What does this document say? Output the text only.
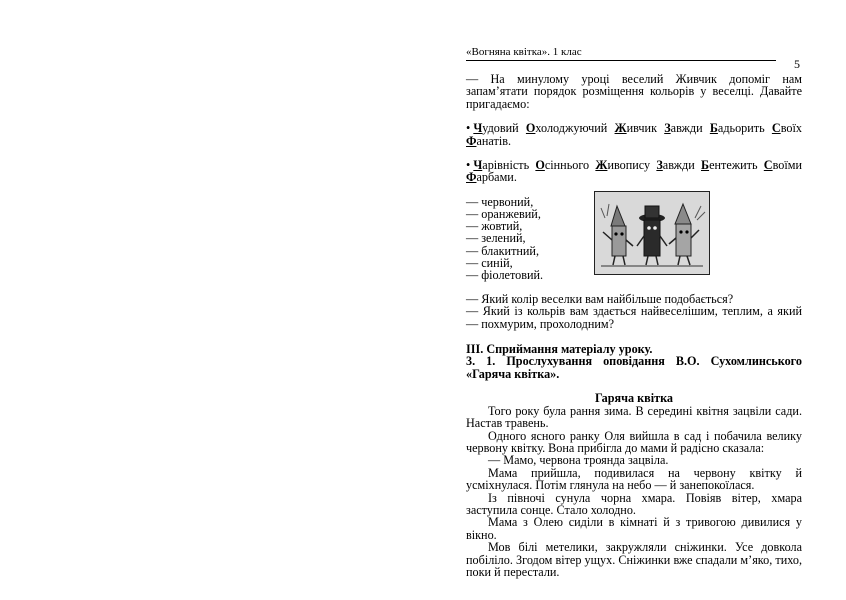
«Вогняна квітка». 1 клас
5

— На минулому уроці веселий Живчик допоміг нам запам’ятати порядок розміщення кольорів у веселці. Давайте пригадаємо:

• Чудовий Охолоджуючий Живчик Завжди Бадьорить Своїх
Фанатів.
• Чарівність Осіннього Живопису Завжди Бентежить Своїми
Фарбами.
— червоний,
— оранжевий,
— жовтий,
— зелений,
— блакитний,
— синій,
— фіолетовий.

— Який колір веселки вам найбільше подобається?

— Який із кольрів вам здається найвеселішим, теплим, а який — похмурим, прохолодним?

ІІІ. Сприймання матеріалу уроку.
3. 1. Прослухування оповідання В.О. Сухомлинського «Гаряча квітка».
Гаряча квітка

Того року була рання зима. В середині квітня зацвіли сади. Настав травень.

Одного ясного ранку Оля вийшла в сад і побачила велику червону квітку. Вона прибігла до мами й радісно сказала:

— Мамо, червона троянда зацвіла.

Мама прийшла, подивилася на червону квітку й усміхнулася. Потім глянула на небо — й занепокоїлася.

Із півночі сунула чорна хмара. Повіяв вітер, хмара заступила сонце. Стало холодно.

Мама з Олею сиділи в кімнаті й з тривогою дивилися у вікно.

Мов білі метелики, закружляли сніжинки. Усе довкола побіліло. Згодом вітер ущух. Сніжинки вже спадали м’яко, тихо, поки й перестали.
